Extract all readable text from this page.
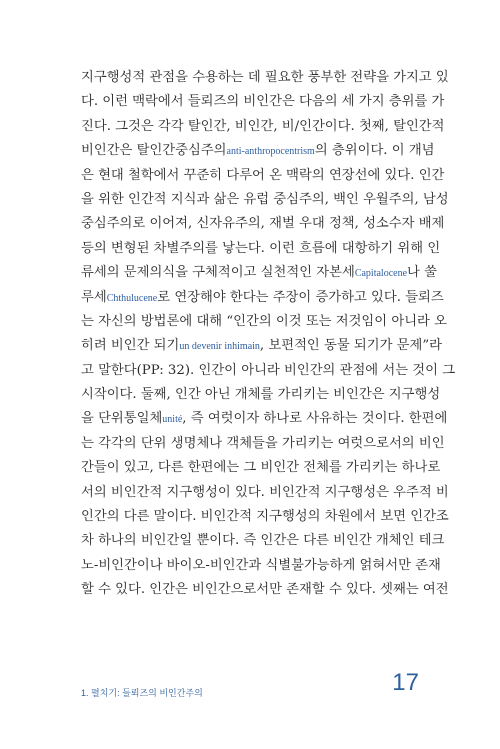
지구행성적 관점을 수용하는 데 필요한 풍부한 전략을 가지고 있
다. 이런 맥락에서 들뢰즈의 비인간은 다음의 세 가지 층위를 가
진다. 그것은 각각 탈인간, 비인간, 비/인간이다. 첫째, 탈인간적
비인간은 탈인간중심주의anti-anthropocentrism의 층위이다. 이 개념
은 현대 철학에서 꾸준히 다루어 온 맥락의 연장선에 있다. 인간
을 위한 인간적 지식과 삶은 유럽 중심주의, 백인 우월주의, 남성
중심주의로 이어져, 신자유주의, 재벌 우대 정책, 성소수자 배제
등의 변형된 차별주의를 낳는다. 이런 흐름에 대항하기 위해 인
류세의 문제의식을 구체적이고 실천적인 자본세Capitalocene나 쑬
루세Chthulucene로 연장해야 한다는 주장이 증가하고 있다. 들뢰즈
는 자신의 방법론에 대해 “인간의 이것 또는 저것임이 아니라 오
히려 비인간 되기un devenir inhimain, 보편적인 동물 되기가 문제”라
고 말한다(PP: 32). 인간이 아니라 비인간의 관점에 서는 것이 그
시작이다. 둘째, 인간 아닌 개체를 가리키는 비인간은 지구행성
을 단위통일체unité, 즉 여럿이자 하나로 사유하는 것이다. 한편에
는 각각의 단위 생명체나 객체들을 가리키는 여럿으로서의 비인
간들이 있고, 다른 한편에는 그 비인간 전체를 가리키는 하나로
서의 비인간적 지구행성이 있다. 비인간적 지구행성은 우주적 비
인간의 다른 말이다. 비인간적 지구행성의 차원에서 보면 인간조
차 하나의 비인간일 뿐이다. 즉 인간은 다른 비인간 개체인 테크
노-비인간이나 바이오-비인간과 식별불가능하게 얽혀서만 존재
할 수 있다. 인간은 비인간으로서만 존재할 수 있다. 셋째는 여전
1. 펼치기: 들뢰즈의 비인간주의	17
